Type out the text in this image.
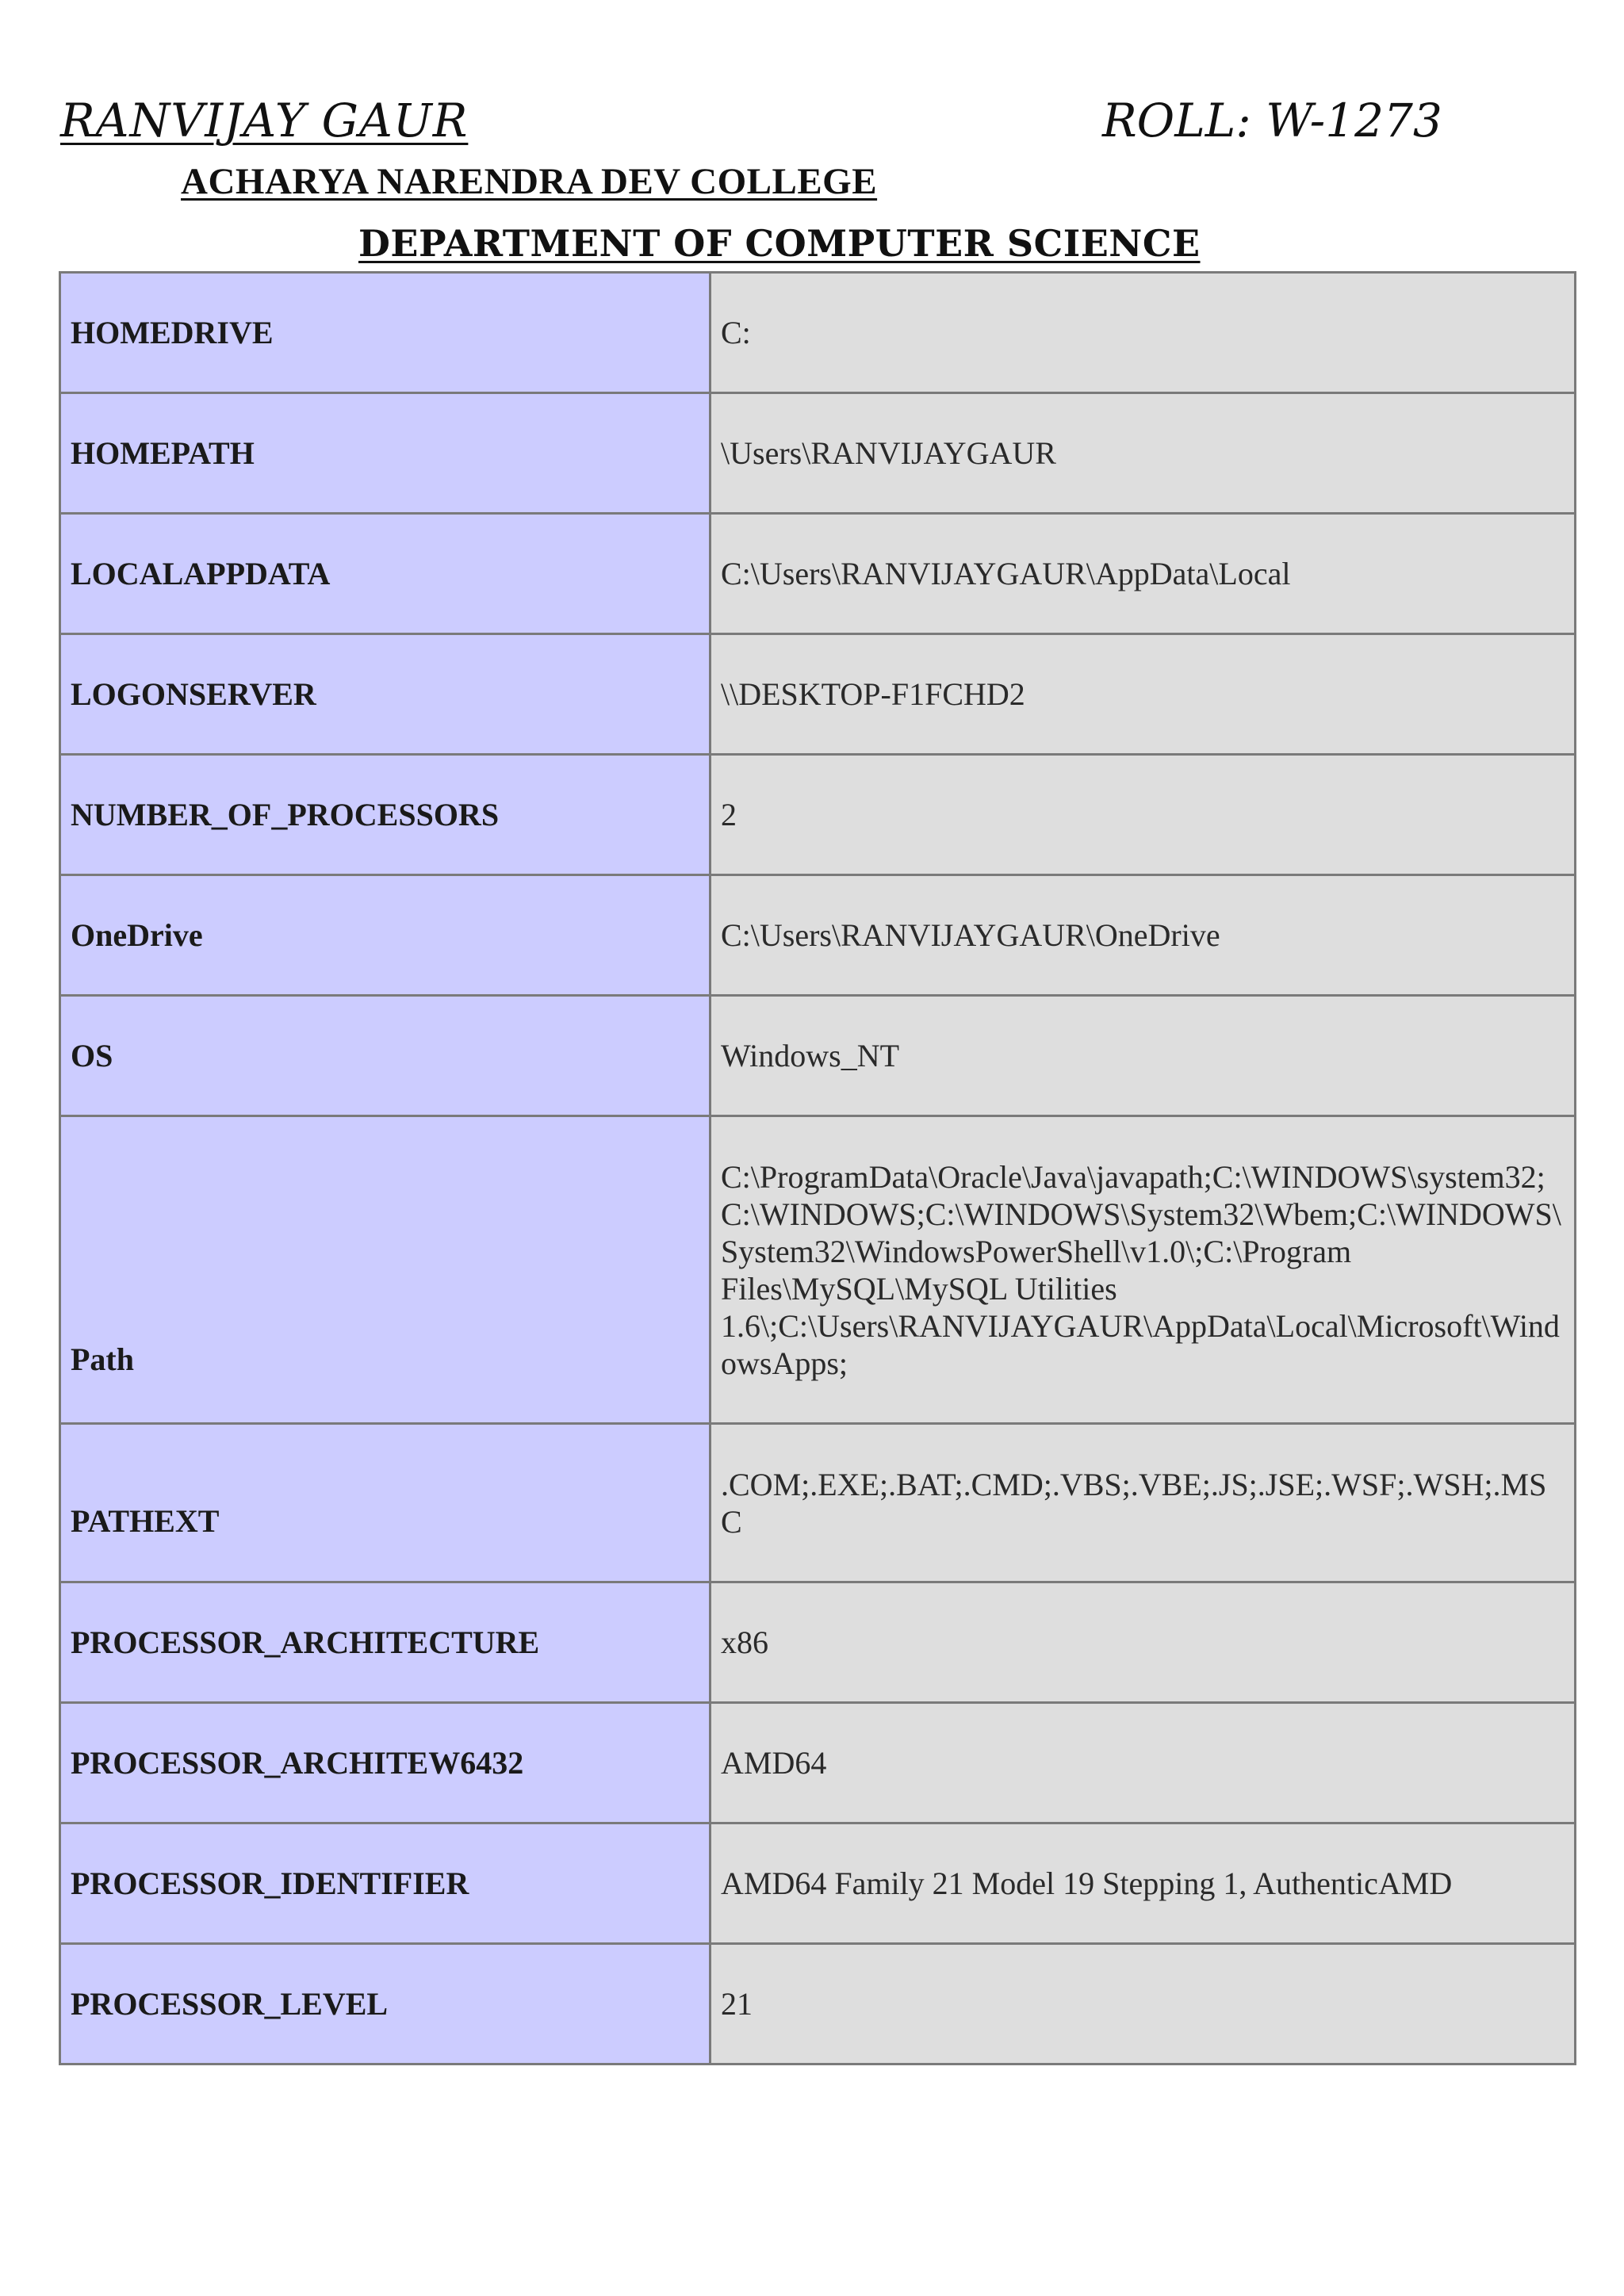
RANVIJAY GAUR	ROLL: W-1273
ACHARYA NARENDRA DEV COLLEGE
DEPARTMENT OF COMPUTER SCIENCE
HOMEDRIVE	C:
HOMEPATH	\Users\RANVIJAYGAUR
LOCALAPPDATA	C:\Users\RANVIJAYGAUR\AppData\Local
LOGONSERVER	\\DESKTOP-F1FCHD2
NUMBER_OF_PROCESSORS	2
OneDrive	C:\Users\RANVIJAYGAUR\OneDrive
OS	Windows_NT
Path	C:\ProgramData\Oracle\Java\javapath;C:\WINDOWS\system32;C:\WINDOWS;C:\WINDOWS\System32\Wbem;C:\WINDOWS\System32\WindowsPowerShell\v1.0\;C:\Program Files\MySQL\MySQL Utilities 1.6\;C:\Users\RANVIJAYGAUR\AppData\Local\Microsoft\WindowsApps;
PATHEXT	.COM;.EXE;.BAT;.CMD;.VBS;.VBE;.JS;.JSE;.WSF;.WSH;.MSC
PROCESSOR_ARCHITECTURE	x86
PROCESSOR_ARCHITEW6432	AMD64
PROCESSOR_IDENTIFIER	AMD64 Family 21 Model 19 Stepping 1, AuthenticAMD
PROCESSOR_LEVEL	21
